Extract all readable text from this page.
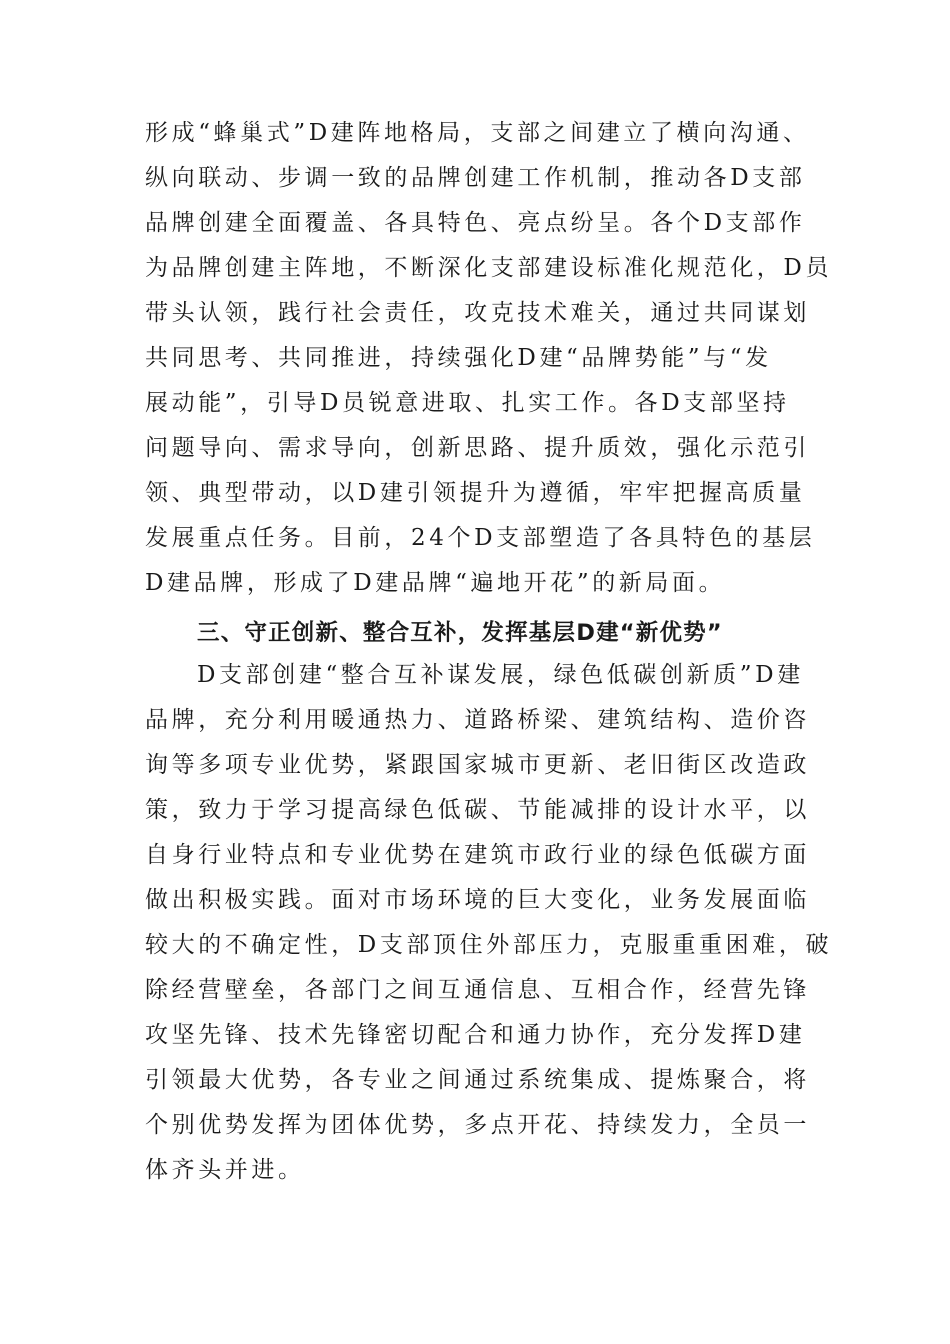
形成“蜂巢式”D建阵地格局，支部之间建立了横向沟通、
纵向联动、步调一致的品牌创建工作机制，推动各D支部
品牌创建全面覆盖、各具特色、亮点纷呈。各个D支部作
为品牌创建主阵地，不断深化支部建设标准化规范化，D员
带头认领，践行社会责任，攻克技术难关，通过共同谋划
共同思考、共同推进，持续强化D建“品牌势能”与“发
展动能”，引导D员锐意进取、扎实工作。各D支部坚持
问题导向、需求导向，创新思路、提升质效，强化示范引
领、典型带动，以D建引领提升为遵循，牢牢把握高质量
发展重点任务。目前，24个D支部塑造了各具特色的基层
D建品牌，形成了D建品牌“遍地开花”的新局面。
三、守正创新、整合互补，发挥基层D建“新优势”
D支部创建“整合互补谋发展，绿色低碳创新质”D建
品牌，充分利用暖通热力、道路桥梁、建筑结构、造价咨
询等多项专业优势，紧跟国家城市更新、老旧街区改造政
策，致力于学习提高绿色低碳、节能减排的设计水平，以
自身行业特点和专业优势在建筑市政行业的绿色低碳方面
做出积极实践。面对市场环境的巨大变化，业务发展面临
较大的不确定性，D支部顶住外部压力，克服重重困难，破
除经营壁垒，各部门之间互通信息、互相合作，经营先锋
攻坚先锋、技术先锋密切配合和通力协作，充分发挥D建
引领最大优势，各专业之间通过系统集成、提炼聚合，将
个别优势发挥为团体优势，多点开花、持续发力，全员一
体齐头并进。
